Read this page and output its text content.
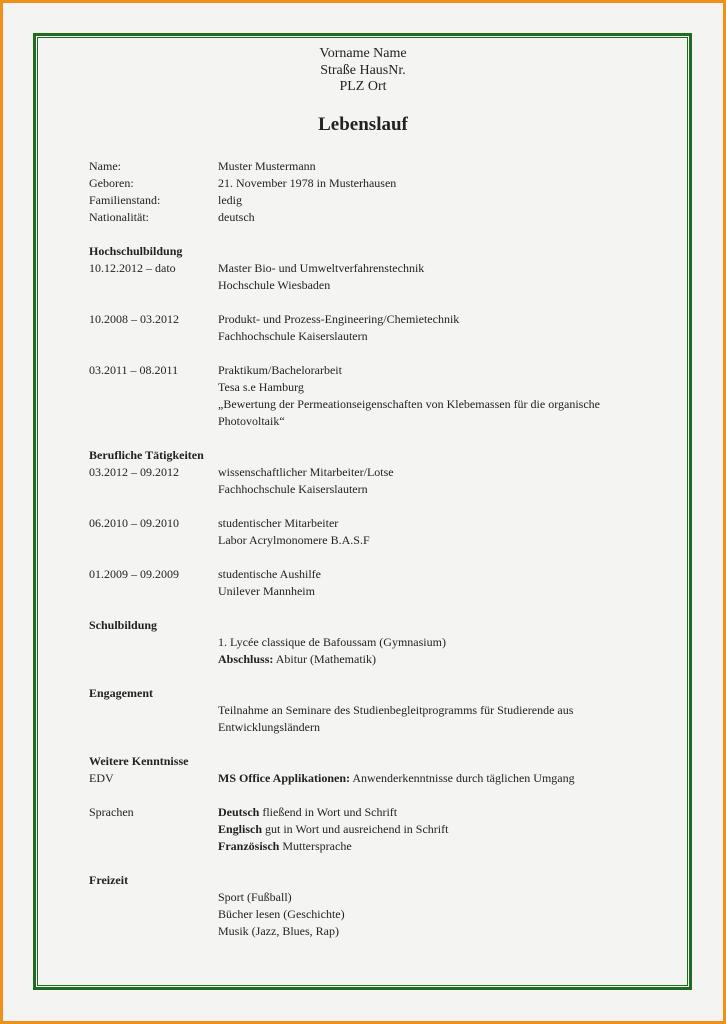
Vorname Name
Straße HausNr.
PLZ Ort
Lebenslauf
Name:	Muster Mustermann
Geboren:	21. November 1978 in Musterhausen
Familienstand:	ledig
Nationalität:	deutsch
Hochschulbildung
10.12.2012 – dato	Master Bio- und Umweltverfahrenstechnik
Hochschule Wiesbaden
10.2008 – 03.2012	Produkt- und Prozess-Engineering/Chemietechnik
Fachhochschule Kaiserslautern
03.2011 – 08.2011	Praktikum/Bachelorarbeit
Tesa s.e Hamburg
„Bewertung der Permeationseigenschaften von Klebemassen für die organische
Photovoltaik“
Berufliche Tätigkeiten
03.2012 – 09.2012	wissenschaftlicher Mitarbeiter/Lotse
Fachhochschule Kaiserslautern
06.2010 – 09.2010	studentischer Mitarbeiter
Labor Acrylmonomere B.A.S.F
01.2009 – 09.2009	studentische Aushilfe
Unilever Mannheim
Schulbildung
1. Lycée classique de Bafoussam (Gymnasium)
Abschluss: Abitur (Mathematik)
Engagement
Teilnahme an Seminare des Studienbegleitprogramms für Studierende aus
Entwicklungsländern
Weitere Kenntnisse
EDV	MS Office Applikationen: Anwenderkenntnisse durch täglichen Umgang
Sprachen	Deutsch fließend in Wort und Schrift
Englisch gut in Wort und ausreichend in Schrift
Französisch Muttersprache
Freizeit
Sport (Fußball)
Bücher lesen (Geschichte)
Musik (Jazz, Blues, Rap)
